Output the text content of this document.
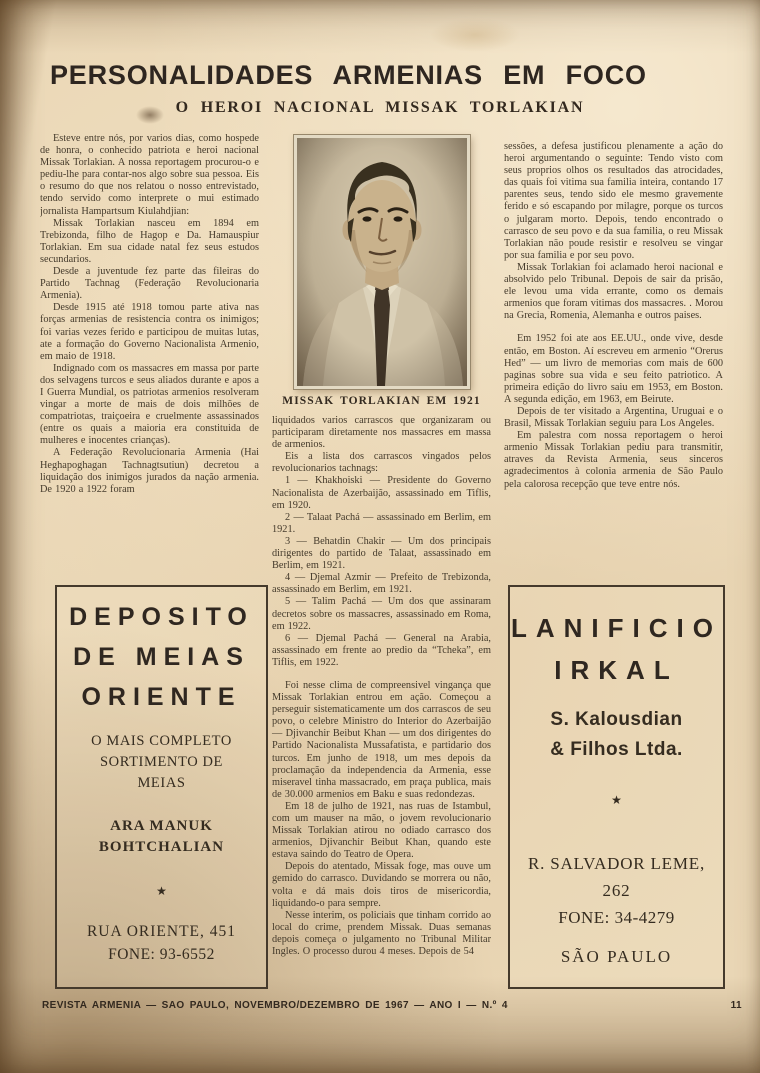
PERSONALIDADES ARMENIAS EM FOCO
O HEROI NACIONAL MISSAK TORLAKIAN

Esteve entre nós, por varios dias, como hospede de honra, o conhecido patriota e heroi nacional Missak Torlakian. A nossa reportagem procurou-o e pediu-lhe para contar-nos algo sobre sua pessoa. Eis o resumo do que nos relatou o nosso entrevistado, tendo servido como interprete o mui estimado jornalista Hampartsum Kiulahdjian:

Missak Torlakian nasceu em 1894 em Trebizonda, filho de Hagop e Da. Hamauspiur Torlakian. Em sua cidade natal fez seus estudos secundarios.

Desde a juventude fez parte das fileiras do Partido Tachnag (Federação Revolucionaria Armenia).

Desde 1915 até 1918 tomou parte ativa nas forças armenias de resistencia contra os inimigos; foi varias vezes ferido e participou de muitas lutas, ate a formação do Governo Nacionalista Armenio, em maio de 1918.

Indignado com os massacres em massa por parte dos selvagens turcos e seus aliados durante e apos a I Guerra Mundial, os patriotas armenios resolveram vingar a morte de mais de dois milhões de compatriotas, traiçoeira e cruelmente assassinados (entre os quais a maioria era constituida de mulheres e inocentes crianças).

A Federação Revolucionaria Armenia (Hai Heghapoghagan Tachnagtsutiun) decretou a liquidação dos inimigos jurados da nação armenia. De 1920 a 1922 foram

MISSAK TORLAKIAN EM 1921

liquidados varios carrascos que organizaram ou participaram diretamente nos massacres em massa de armenios.

Eis a lista dos carrascos vingados pelos revolucionarios tachnags:

1 — Khakhoiski — Presidente do Governo Nacionalista de Azerbaijão, assassinado em Tiflis, em 1920.

2 — Talaat Pachá — assassinado em Berlim, em 1921.

3 — Behatdin Chakir — Um dos principais dirigentes do partido de Talaat, assassinado em Berlim, em 1921.

4 — Djemal Azmir — Prefeito de Trebizonda, assassinado em Berlim, em 1921.

5 — Talim Pachá — Um dos que assinaram decretos sobre os massacres, assassinado em Roma, em 1922.

6 — Djemal Pachá — General na Arabia, assassinado em frente ao predio da “Tcheka”, em Tiflis, em 1922.

Foi nesse clima de compreensivel vingança que Missak Torlakian entrou em ação. Começou a perseguir sistematicamente um dos carrascos de seu povo, o celebre Ministro do Interior do Azerbaijão — Djivanchir Beibut Khan — um dos dirigentes do Partido Nacionalista Mussafatista, e partidario dos turcos. Em junho de 1918, um mes depois da proclamação da independencia da Armenia, esse miseravel tinha massacrado, em praça publica, mais de 30.000 armenios em Baku e suas redondezas.

Em 18 de julho de 1921, nas ruas de Istambul, com um mauser na mão, o jovem revolucionario Missak Torlakian atirou no odiado carrasco dos armenios, Djivanchir Beibut Khan, quando este estava saindo do Teatro de Opera.

Depois do atentado, Missak foge, mas ouve um gemido do carrasco. Duvidando se morrera ou não, volta e dá mais dois tiros de misericordia, liquidando-o para sempre.

Nesse interim, os policiais que tinham corrido ao local do crime, prendem Missak. Duas semanas depois começa o julgamento no Tribunal Militar Ingles. O processo durou 4 meses. Depois de 54

sessões, a defesa justificou plenamente a ação do heroi argumentando o seguinte: Tendo visto com seus proprios olhos os resultados das atrocidades, das quais foi vitima sua familia inteira, contando 17 parentes seus, tendo sido ele mesmo gravemente ferido e só escapando por milagre, porque os turcos o julgaram morto. Depois, tendo encontrado o carrasco de seu povo e da sua familia, o reu Missak Torlakian não poude resistir e resolveu se vingar por sua familia e por seu povo.

Missak Torlakian foi aclamado heroi nacional e absolvido pelo Tribunal. Depois de sair da prisão, ele levou uma vida errante, como os demais armenios que foram vitimas dos massacres. . Morou na Grecia, Romenia, Alemanha e outros paises.

Em 1952 foi ate aos EE.UU., onde vive, desde então, em Boston. Aí escreveu em armenio “Orerus Hed” — um livro de memorias com mais de 600 paginas sobre sua vida e seu feito patriotico. A primeira edição do livro saiu em 1953, em Boston. A segunda edição, em 1963, em Beirute.

Depois de ter visitado a Argentina, Uruguai e o Brasil, Missak Torlakian seguiu para Los Angeles.

Em palestra com nossa reportagem o heroi armenio Missak Torlakian pediu para transmitir, atraves da Revista Armenia, seus sinceros agradecimentos à colonia armenia de São Paulo pela calorosa recepção que teve entre nós.

DEPOSITO
DE MEIAS
ORIENTE
O MAIS COMPLETO SORTIMENTO DE MEIAS
ARA MANUK
BOHTCHALIAN
★
RUA ORIENTE, 451
FONE: 93-6552
LANIFICIO
IRKAL
S. Kalousdian
& Filhos Ltda.
★
R. SALVADOR LEME,
262
FONE: 34-4279
SÃO PAULO
REVISTA ARMENIA — SAO PAULO, NOVEMBRO/DEZEMBRO DE 1967 — ANO I — N.º 4	11
